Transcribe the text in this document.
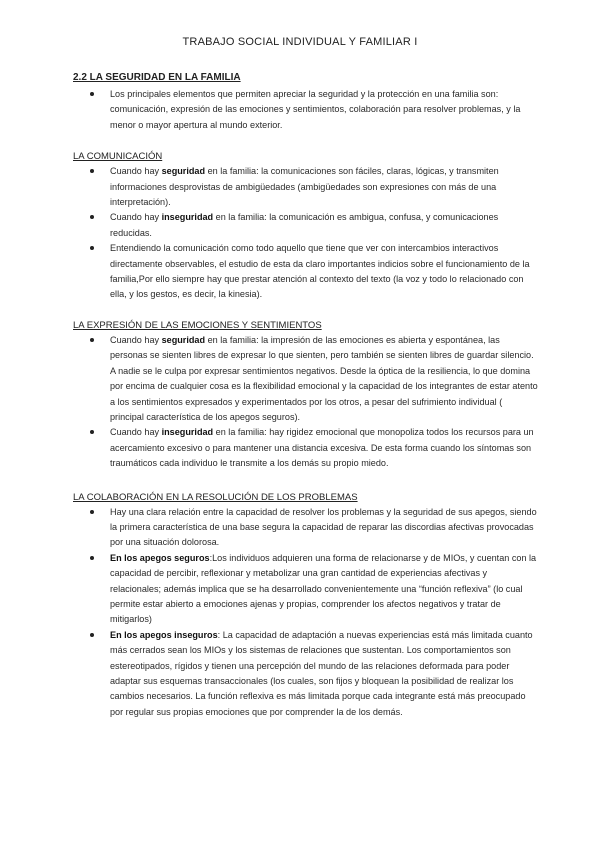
TRABAJO SOCIAL INDIVIDUAL Y FAMILIAR I
2.2 LA SEGURIDAD EN LA FAMILIA
Los principales elementos que permiten apreciar la seguridad y la protección en una familia son: comunicación, expresión de las emociones y sentimientos, colaboración para resolver problemas, y la menor o mayor apertura al mundo exterior.
LA COMUNICACIÓN
Cuando hay seguridad en la familia: la comunicaciones son fáciles, claras, lógicas, y transmiten informaciones desprovistas de ambigüedades (ambigüedades son expresiones con más de una interpretación).
Cuando hay inseguridad en la familia: la comunicación es ambigua, confusa, y comunicaciones reducidas.
Entendiendo la comunicación como todo aquello que tiene que ver con intercambios interactivos directamente observables, el estudio de esta da claro importantes indicios sobre el funcionamiento de la familia,Por ello siempre hay que prestar atención al contexto del texto (la voz y todo lo relacionado con ella, y los gestos, es decir, la kinesia).
LA EXPRESIÓN DE LAS EMOCIONES Y SENTIMIENTOS
Cuando hay seguridad en la familia: la impresión de las emociones es abierta y espontánea, las personas se sienten libres de expresar lo que sienten, pero también se sienten libres de guardar silencio. A nadie se le culpa por expresar sentimientos negativos. Desde la óptica de la resiliencia, lo que domina por encima de cualquier cosa es la flexibilidad emocional y la capacidad de los integrantes de estar atento a los sentimientos expresados y experimentados por los otros, a pesar del sufrimiento individual ( principal característica de los apegos seguros).
Cuando hay inseguridad en la familia: hay rigidez emocional que monopoliza todos los recursos para un acercamiento excesivo o para mantener una distancia excesiva. De esta forma cuando los síntomas son traumáticos cada individuo le transmite a los demás su propio miedo.
LA COLABORACIÓN EN LA RESOLUCIÓN DE LOS PROBLEMAS
Hay una clara relación entre la capacidad de resolver los problemas y la seguridad de sus apegos, siendo la primera característica de una base segura la capacidad de reparar las discordias afectivas provocadas por una situación dolorosa.
En los apegos seguros:Los individuos adquieren una forma de relacionarse y de MIOs, y cuentan con la capacidad de percibir, reflexionar y metabolizar una gran cantidad de experiencias afectivas y relacionales; además implica que se ha desarrollado convenientemente una “función reflexiva” (lo cual permite estar abierto a emociones ajenas y propias, comprender los afectos negativos y tratar de mitigarlos)
En los apegos inseguros: La capacidad de adaptación a nuevas experiencias está más limitada cuanto más cerrados sean los MIOs y los sistemas de relaciones que sustentan. Los comportamientos son estereotipados, rígidos y tienen una percepción del mundo de las relaciones deformada para poder adaptar sus esquemas transaccionales (los cuales, son fijos y bloquean la posibilidad de realizar los cambios necesarios. La función reflexiva es más limitada porque cada integrante está más preocupado por regular sus propias emociones que por comprender la de los demás.
